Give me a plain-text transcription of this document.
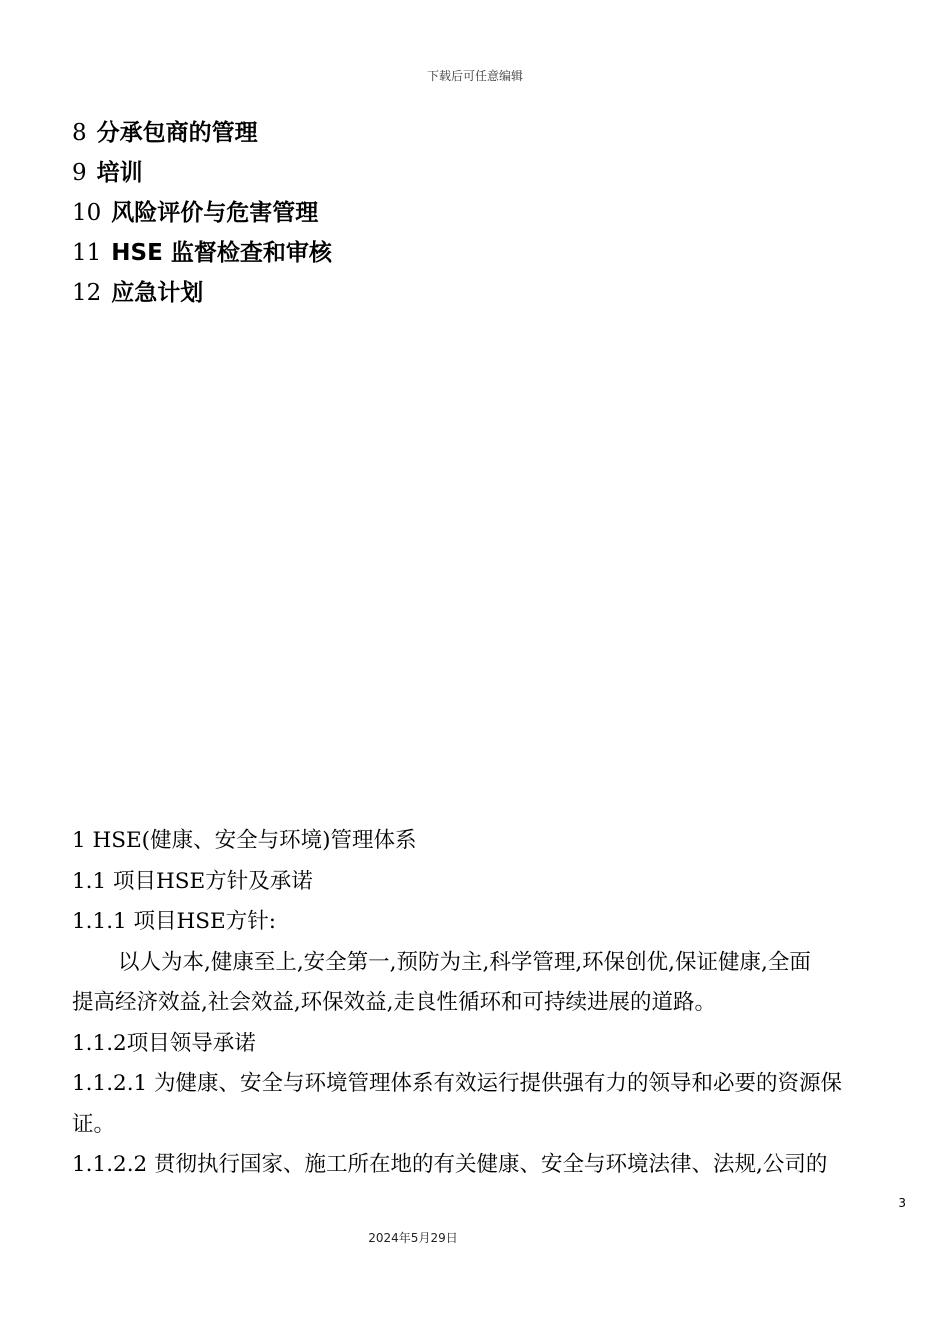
下载后可任意编辑
8 分承包商的管理
9 培训
10 风险评价与危害管理
11 HSE 监督检查和审核
12 应急计划
1 HSE(健康、安全与环境)管理体系
1.1 项目HSE方针及承诺
1.1.1 项目HSE方针:
以人为本,健康至上,安全第一,预防为主,科学管理,环保创优,保证健康,全面
提高经济效益,社会效益,环保效益,走良性循环和可持续进展的道路。
1.1.2项目领导承诺
1.1.2.1 为健康、安全与环境管理体系有效运行提供强有力的领导和必要的资源保
证。
1.1.2.2 贯彻执行国家、施工所在地的有关健康、安全与环境法律、法规,公司的
3
2024年5月29日
